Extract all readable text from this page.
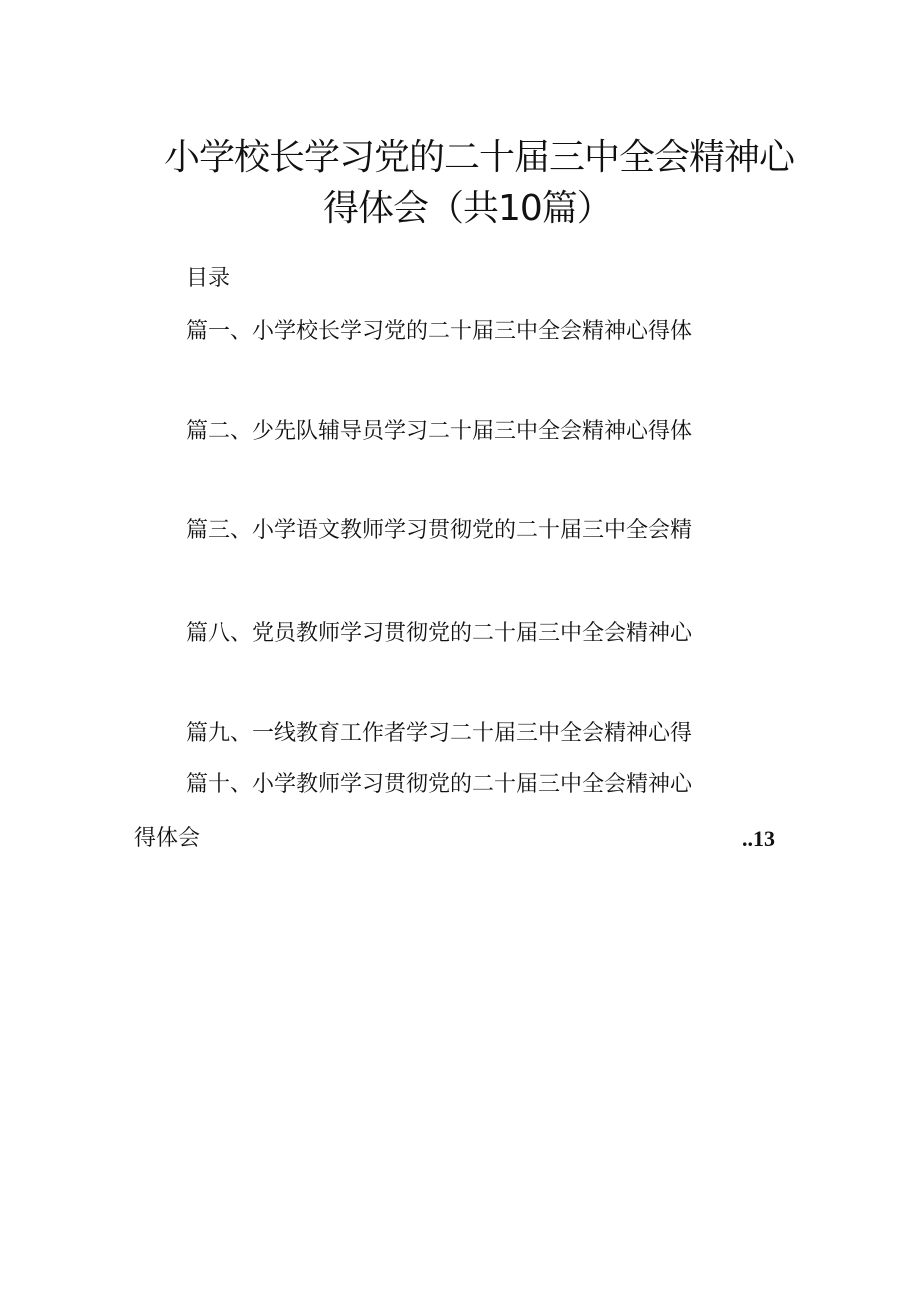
小学校长学习党的二十届三中全会精神心
得体会（共10篇）
目录
篇一、小学校长学习党的二十届三中全会精神心得体
篇二、少先队辅导员学习二十届三中全会精神心得体
篇三、小学语文教师学习贯彻党的二十届三中全会精
篇八、党员教师学习贯彻党的二十届三中全会精神心
篇九、一线教育工作者学习二十届三中全会精神心得
篇十、小学教师学习贯彻党的二十届三中全会精神心
得体会	..13
